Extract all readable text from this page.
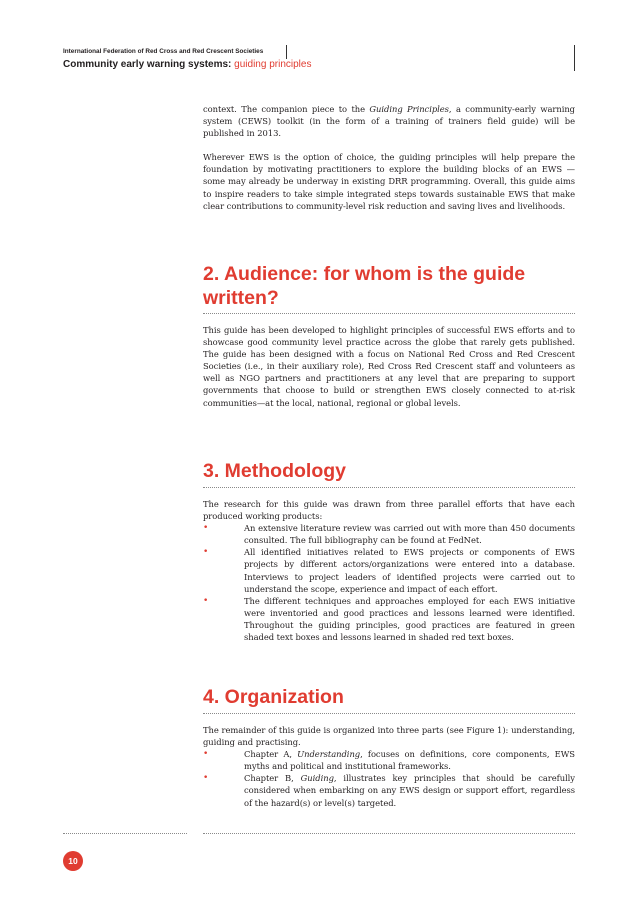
International Federation of Red Cross and Red Crescent Societies
Community early warning systems: guiding principles

context. The companion piece to the Guiding Principles, a community-early warning system (CEWS) toolkit (in the form of a training of trainers field guide) will be published in 2013.

Wherever EWS is the option of choice, the guiding principles will help prepare the foundation by motivating practitioners to explore the building blocks of an EWS — some may already be underway in existing DRR programming. Overall, this guide aims to inspire readers to take simple integrated steps towards sustainable EWS that make clear contributions to community-level risk reduction and saving lives and livelihoods.

2. Audience: for whom is the guide written?

This guide has been developed to highlight principles of successful EWS efforts and to showcase good community level practice across the globe that rarely gets published. The guide has been designed with a focus on National Red Cross and Red Crescent Societies (i.e., in their auxiliary role), Red Cross Red Crescent staff and volunteers as well as NGO partners and practitioners at any level that are preparing to support governments that choose to build or strengthen EWS closely connected to at-risk communities—at the local, national, regional or global levels.

3. Methodology

The research for this guide was drawn from three parallel efforts that have each produced working products:

•	An extensive literature review was carried out with more than 450 documents consulted. The full bibliography can be found at FedNet.
•	All identified initiatives related to EWS projects or components of EWS projects by different actors/organizations were entered into a database. Interviews to project leaders of identified projects were carried out to understand the scope, experience and impact of each effort.
•	The different techniques and approaches employed for each EWS initiative were inventoried and good practices and lessons learned were identified. Throughout the guiding principles, good practices are featured in green shaded text boxes and lessons learned in shaded red text boxes.
4. Organization

The remainder of this guide is organized into three parts (see Figure 1): understanding, guiding and practising.

•	Chapter A, Understanding, focuses on definitions, core components, EWS myths and political and institutional frameworks.
•	Chapter B, Guiding, illustrates key principles that should be carefully considered when embarking on any EWS design or support effort, regardless of the hazard(s) or level(s) targeted.
10
